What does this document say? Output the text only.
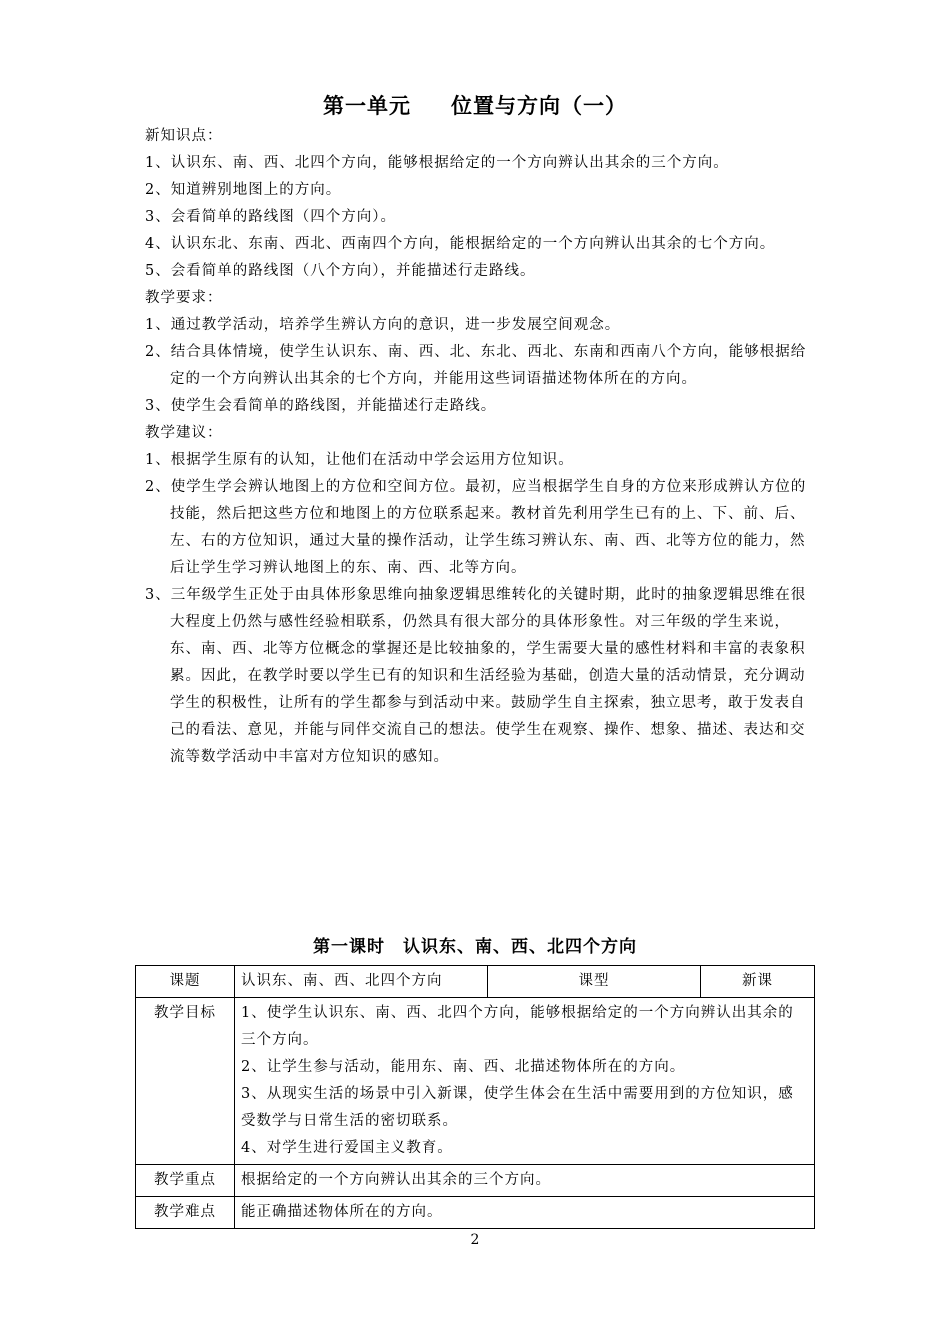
第一单元 位置与方向（一）

新知识点：

1、认识东、南、西、北四个方向，能够根据给定的一个方向辨认出其余的三个方向。

2、知道辨别地图上的方向。

3、会看简单的路线图（四个方向）。

4、认识东北、东南、西北、西南四个方向，能根据给定的一个方向辨认出其余的七个方向。

5、会看简单的路线图（八个方向），并能描述行走路线。

教学要求：

1、通过教学活动，培养学生辨认方向的意识，进一步发展空间观念。

2、结合具体情境，使学生认识东、南、西、北、东北、西北、东南和西南八个方向，能够根据给定的一个方向辨认出其余的七个方向，并能用这些词语描述物体所在的方向。

3、使学生会看简单的路线图，并能描述行走路线。

教学建议：

1、根据学生原有的认知，让他们在活动中学会运用方位知识。

2、使学生学会辨认地图上的方位和空间方位。最初，应当根据学生自身的方位来形成辨认方位的技能，然后把这些方位和地图上的方位联系起来。教材首先利用学生已有的上、下、前、后、左、右的方位知识，通过大量的操作活动，让学生练习辨认东、南、西、北等方位的能力，然后让学生学习辨认地图上的东、南、西、北等方向。

3、三年级学生正处于由具体形象思维向抽象逻辑思维转化的关键时期，此时的抽象逻辑思维在很大程度上仍然与感性经验相联系，仍然具有很大部分的具体形象性。对三年级的学生来说，东、南、西、北等方位概念的掌握还是比较抽象的，学生需要大量的感性材料和丰富的表象积累。因此，在教学时要以学生已有的知识和生活经验为基础，创造大量的活动情景，充分调动学生的积极性，让所有的学生都参与到活动中来。鼓励学生自主探索，独立思考，敢于发表自己的看法、意见，并能与同伴交流自己的想法。使学生在观察、操作、想象、描述、表达和交流等数学活动中丰富对方位知识的感知。

第一课时 认识东、南、西、北四个方向
课题	认识东、南、西、北四个方向	课型	新课
教学目标	1、使学生认识东、南、西、北四个方向，能够根据给定的一个方向辨认出其余的三个方向。

2、让学生参与活动，能用东、南、西、北描述物体所在的方向。

3、从现实生活的场景中引入新课，使学生体会在生活中需要用到的方位知识，感受数学与日常生活的密切联系。

4、对学生进行爱国主义教育。		

教学重点	根据给定的一个方向辨认出其余的三个方向。		
教学难点	能正确描述物体所在的方向。		
2
